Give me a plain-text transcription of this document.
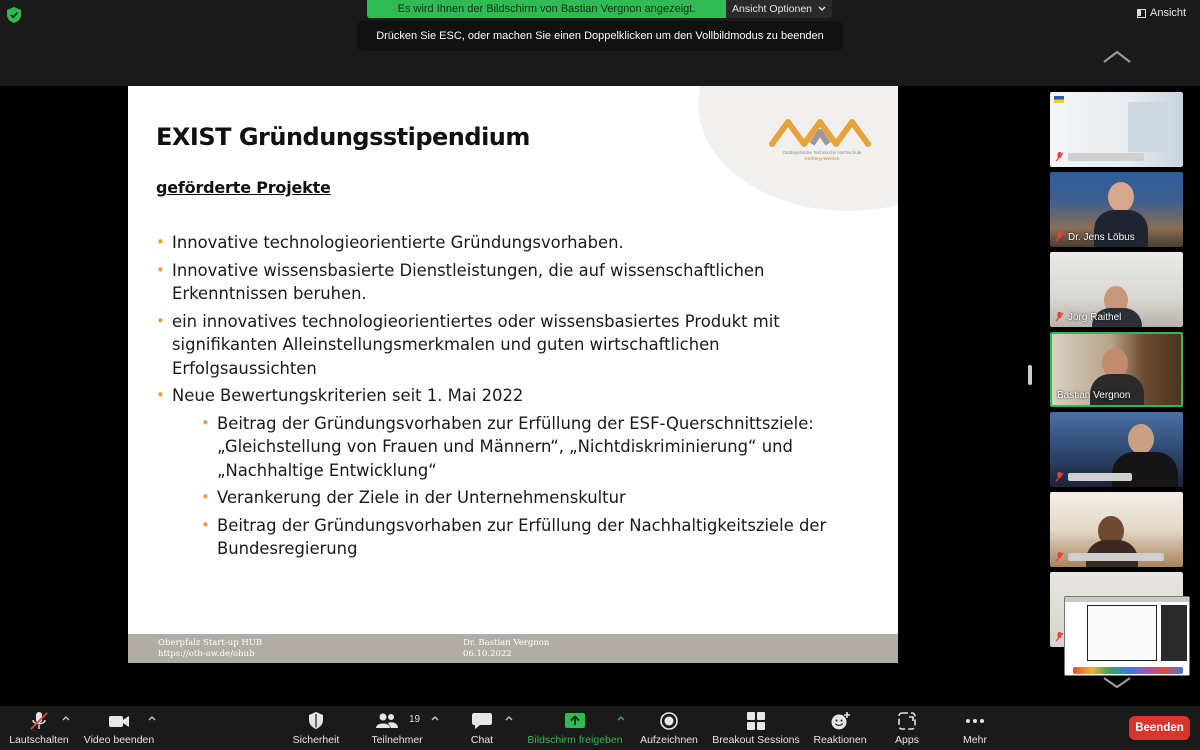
Es wird Ihnen der Bildschirm von Bastian Vergnon angezeigt.	Ansicht Optionen
Drücken Sie ESC, oder machen Sie einen Doppelklicken um den Vollbildmodus zu beenden
Ansicht
Ostbayerische Technische Hochschule
Amberg-Weiden
EXIST Gründungsstipendium
geförderte Projekte
• Innovative technologieorientierte Gründungsvorhaben.
• Innovative wissensbasierte Dienstleistungen, die auf wissenschaftlichen Erkenntnissen beruhen.
• ein innovatives technologieorientiertes oder wissensbasiertes Produkt mit signifikanten Alleinstellungsmerkmalen und guten wirtschaftlichen Erfolgsaussichten
• Neue Bewertungskriterien seit 1. Mai 2022
• Beitrag der Gründungsvorhaben zur Erfüllung der ESF-Querschnittsziele: „Gleichstellung von Frauen und Männern“, „Nichtdiskriminierung“ und „Nachhaltige Entwicklung“
• Verankerung der Ziele in der Unternehmenskultur
• Beitrag der Gründungsvorhaben zur Erfüllung der Nachhaltigkeitsziele der Bundesregierung
Oberpfalz Start-up HUB
https://oth-aw.de/ohub
Dr. Bastian Vergnon
06.10.2022
Dr. Jens Löbus
Jörg Raithel
Bastian Vergnon
Lautschalten	Video beenden	Sicherheit
19
Teilnehmer	Chat	Bildschirm freigeben	Aufzeichnen	Breakout Sessions	Reaktionen	Apps	Mehr
Beenden
